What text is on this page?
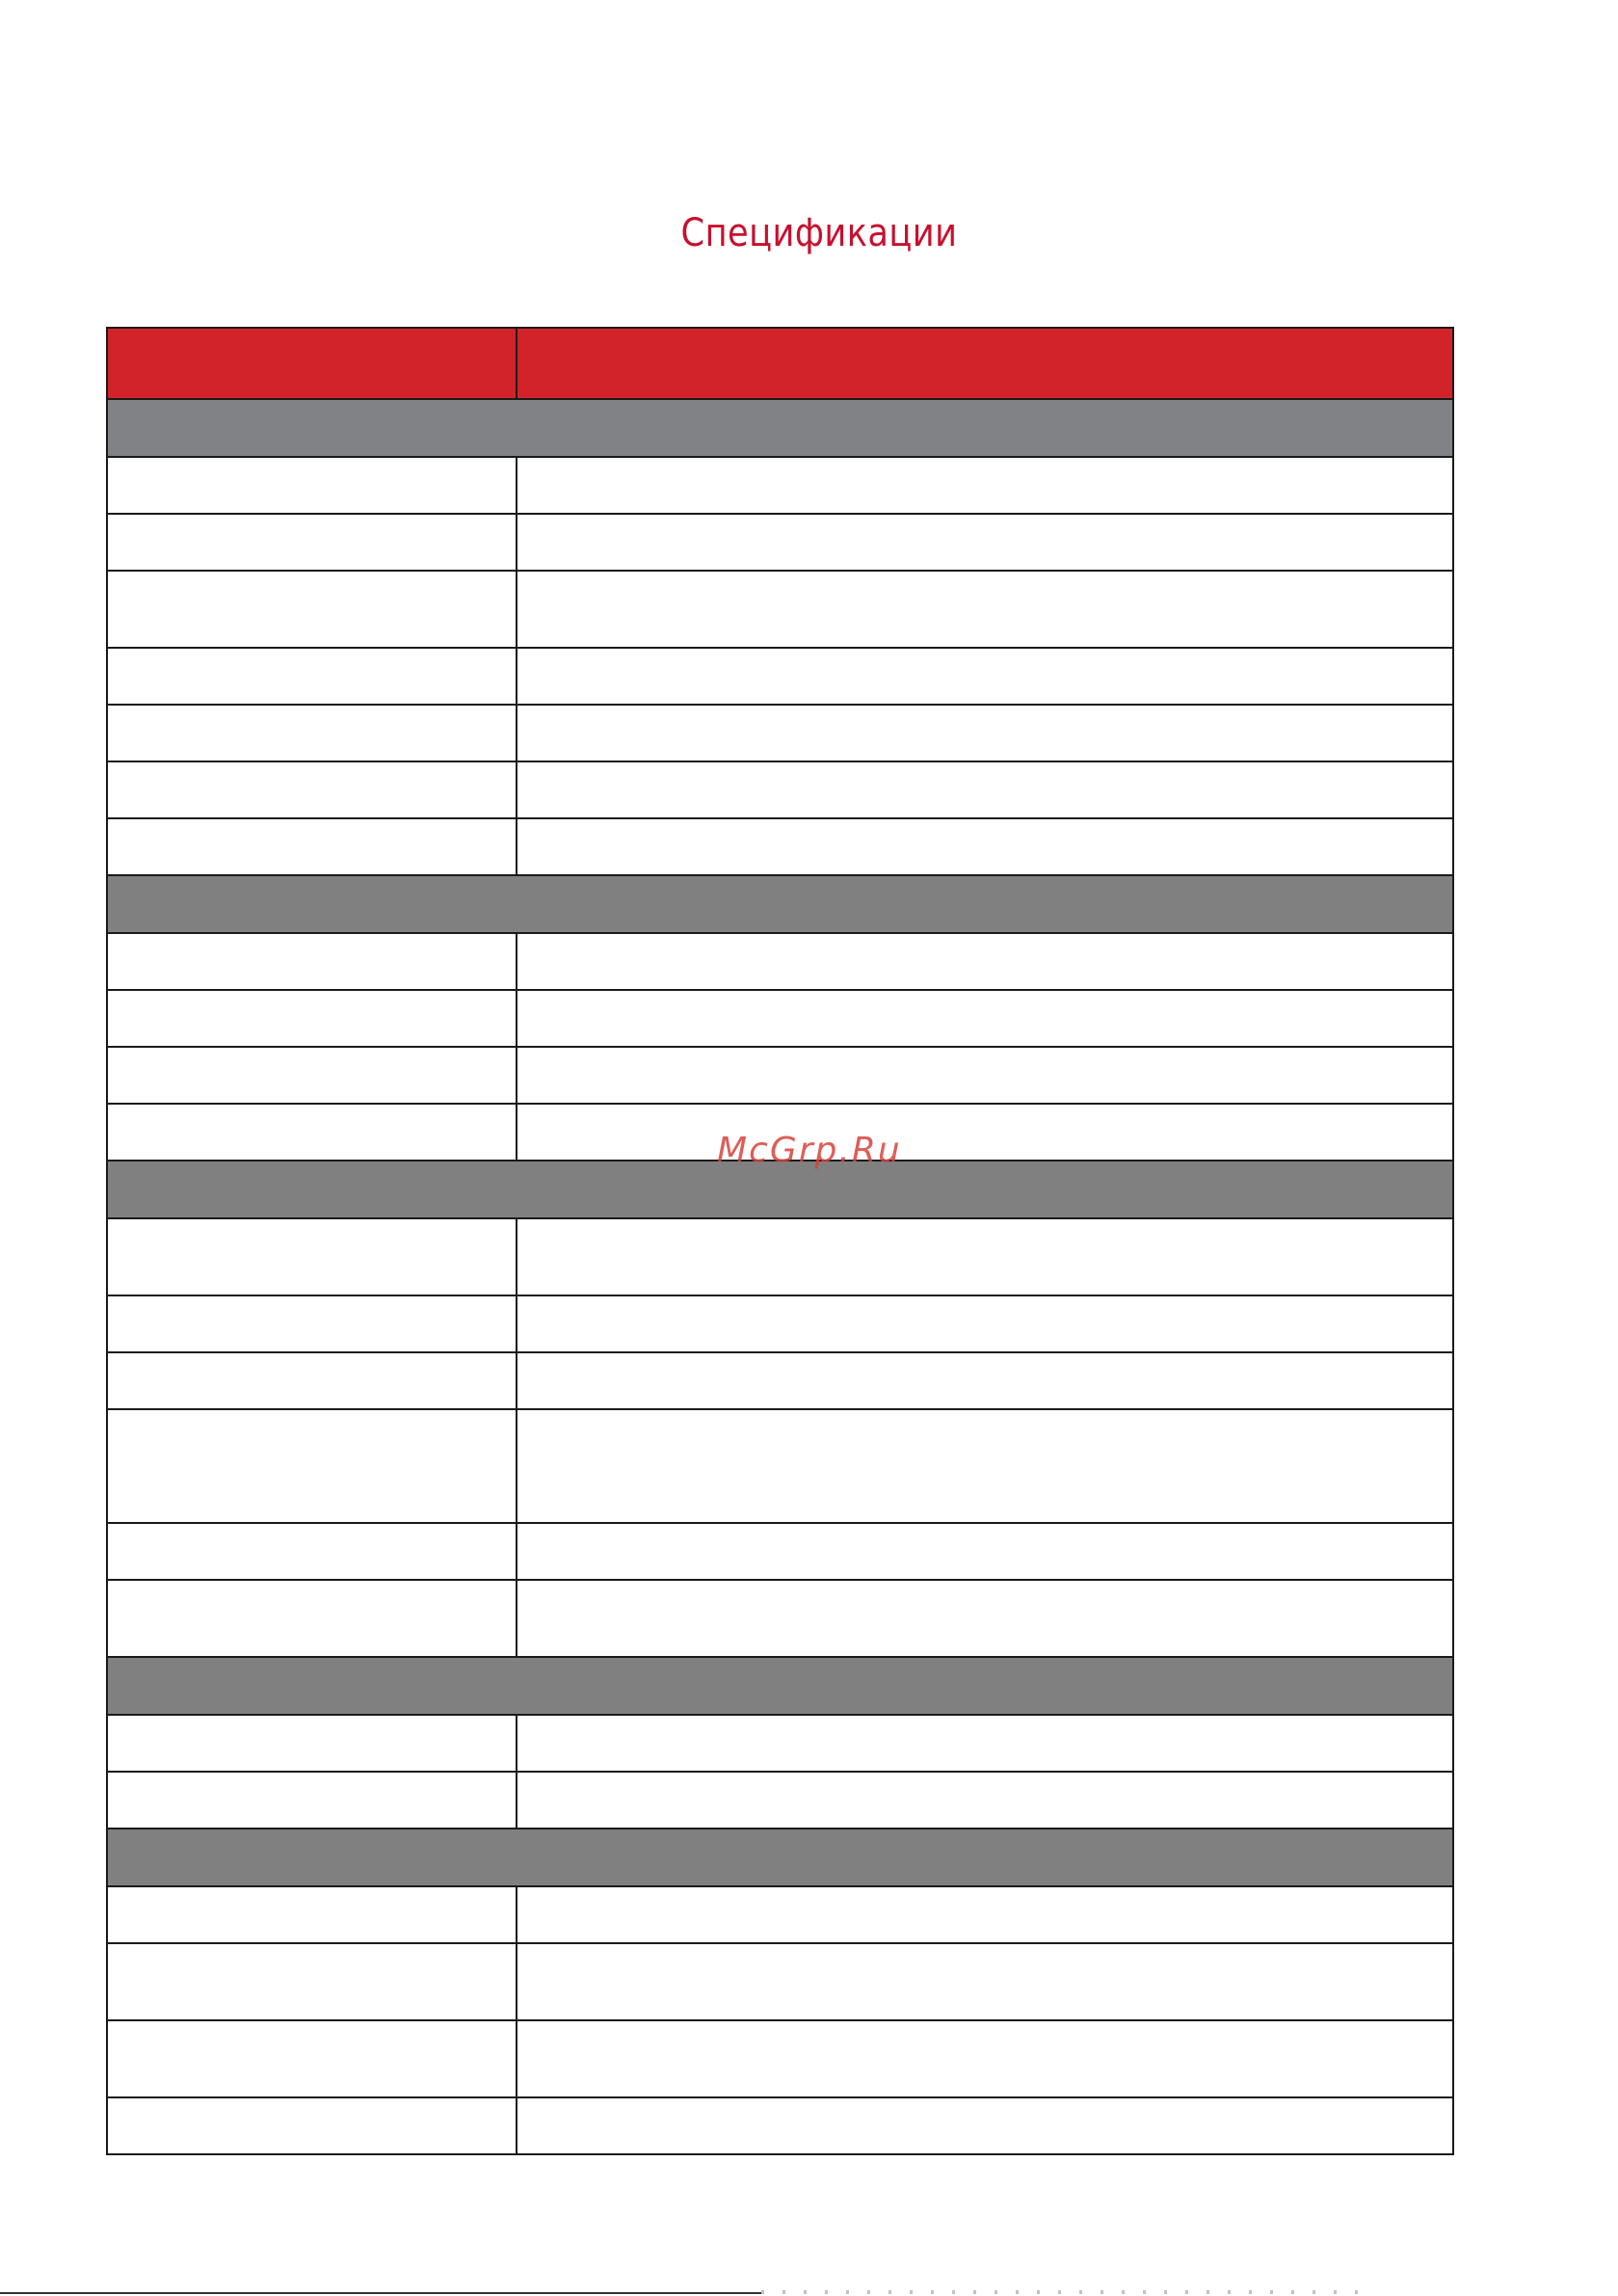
Спецификации

McGrp.Ru
